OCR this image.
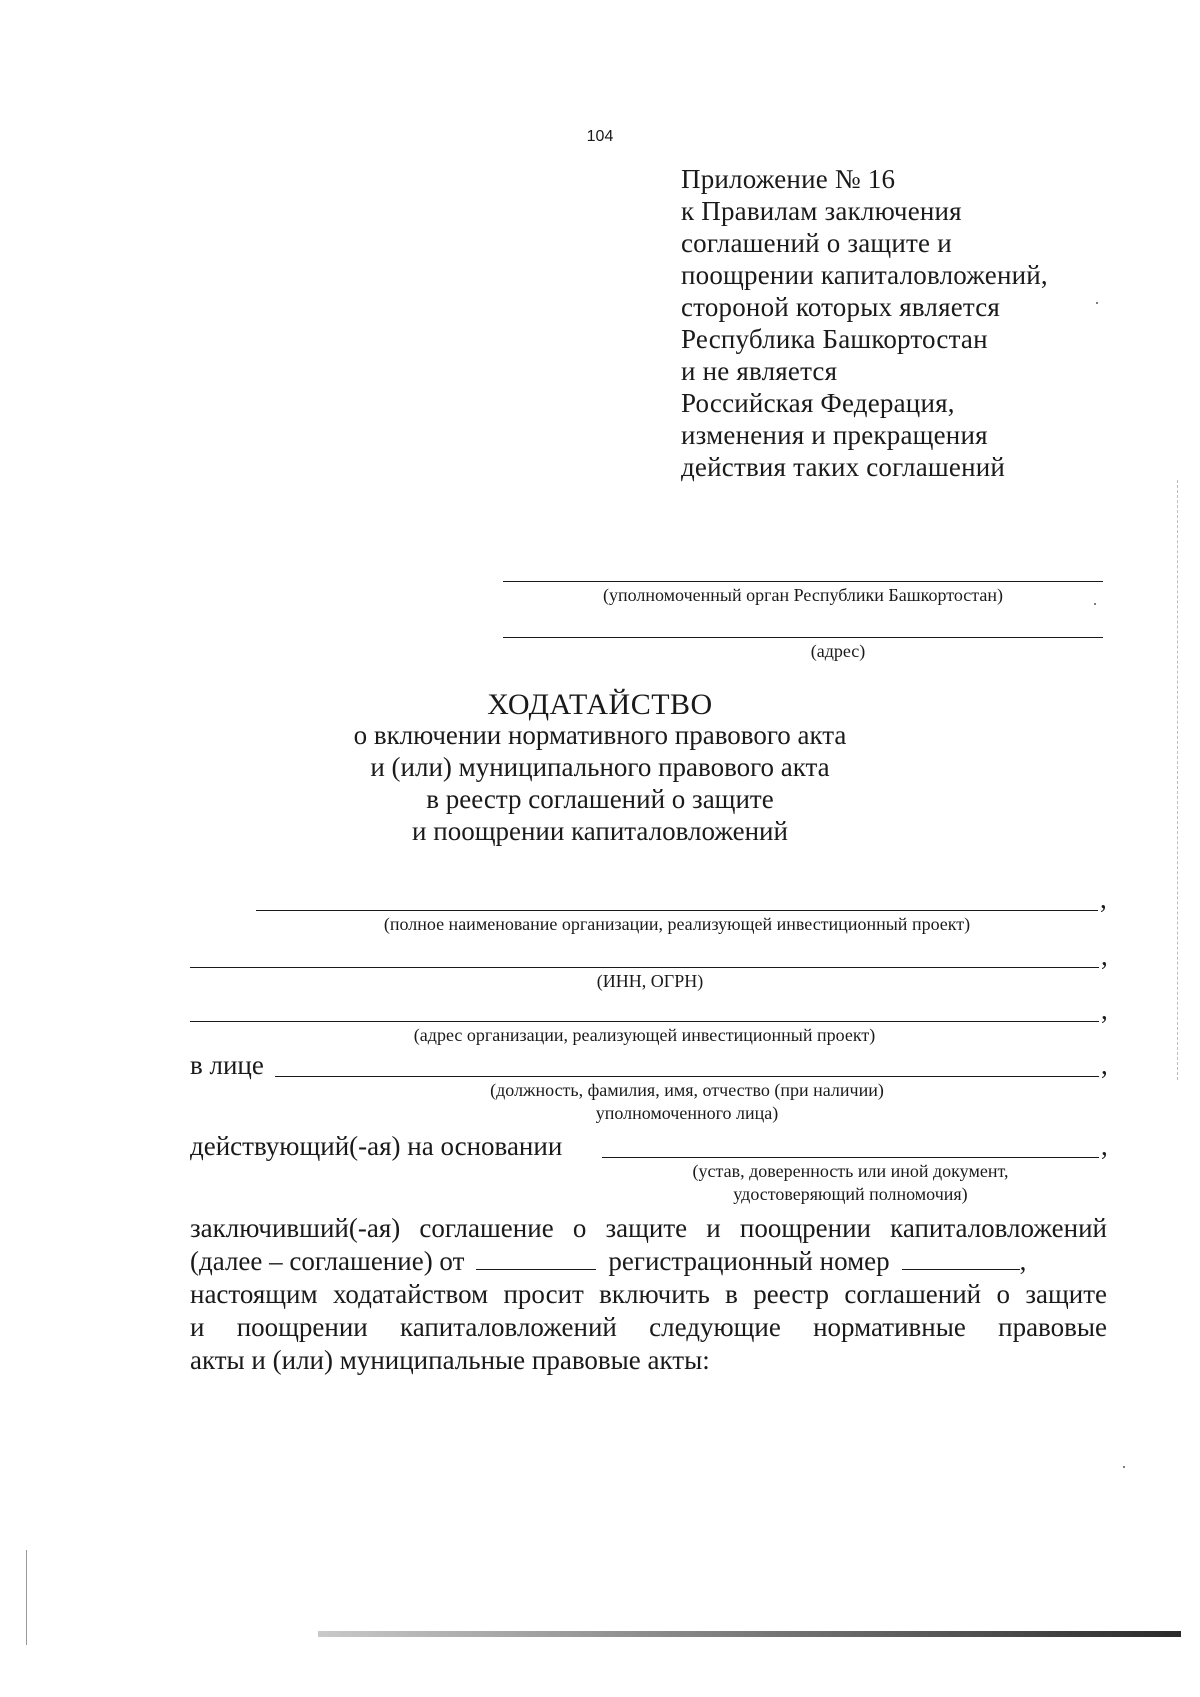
104
Приложение № 16
к Правилам заключения
соглашений о защите и
поощрении капиталовложений,
стороной которых является
Республика Башкортостан
и не является
Российская Федерация,
изменения и прекращения
действия таких соглашений
(уполномоченный орган Республики Башкортостан)
(адрес)
ХОДАТАЙСТВО
о включении нормативного правового акта
и (или) муниципального правового акта
в реестр соглашений о защите
и поощрении капиталовложений
,
(полное наименование организации, реализующей инвестиционный проект)
,
(ИНН, ОГРН)
,
(адрес организации, реализующей инвестиционный проект)
в лице	,
(должность, фамилия, имя, отчество (при наличии)
уполномоченного лица)
действующий(-ая) на основании	,
(устав, доверенность или иной документ,
удостоверяющий полномочия)
заключивший(-ая) соглашение о защите и поощрении капиталовложений
(далее – соглашение) от	регистрационный номер	,
настоящим ходатайством просит включить в реестр соглашений о защите
и поощрении капиталовложений следующие нормативные правовые
акты и (или) муниципальные правовые акты:
